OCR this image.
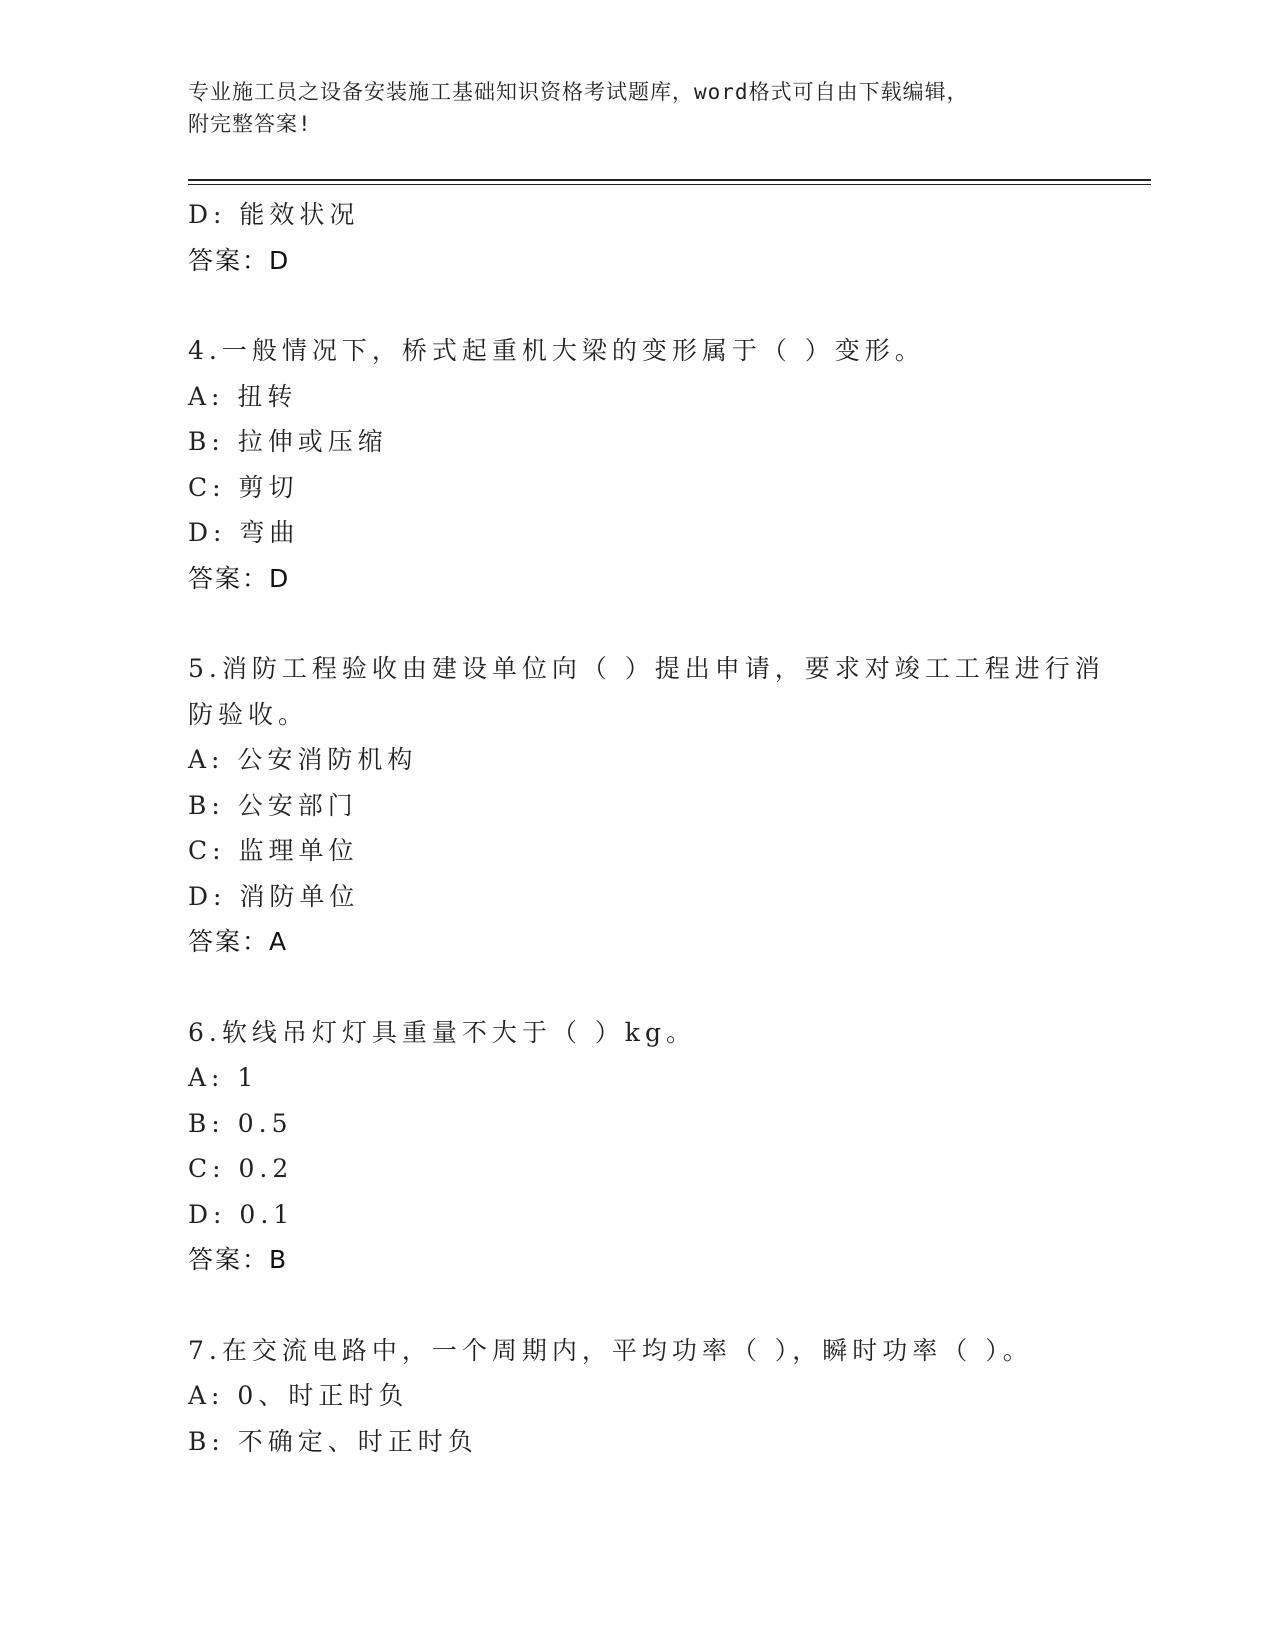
专业施工员之设备安装施工基础知识资格考试题库，word格式可自由下载编辑，
附完整答案!
D: 能效状况
答案：D
4.一般情况下，桥式起重机大梁的变形属于（ ）变形。
A: 扭转
B: 拉伸或压缩
C: 剪切
D: 弯曲
答案：D
5.消防工程验收由建设单位向（ ）提出申请，要求对竣工工程进行消
防验收。
A: 公安消防机构
B: 公安部门
C: 监理单位
D: 消防单位
答案：A
6.软线吊灯灯具重量不大于（ ）kg。
A: 1
B: 0.5
C: 0.2
D: 0.1
答案：B
7.在交流电路中，一个周期内，平均功率（ ），瞬时功率（ ）。
A: 0、时正时负
B: 不确定、时正时负
